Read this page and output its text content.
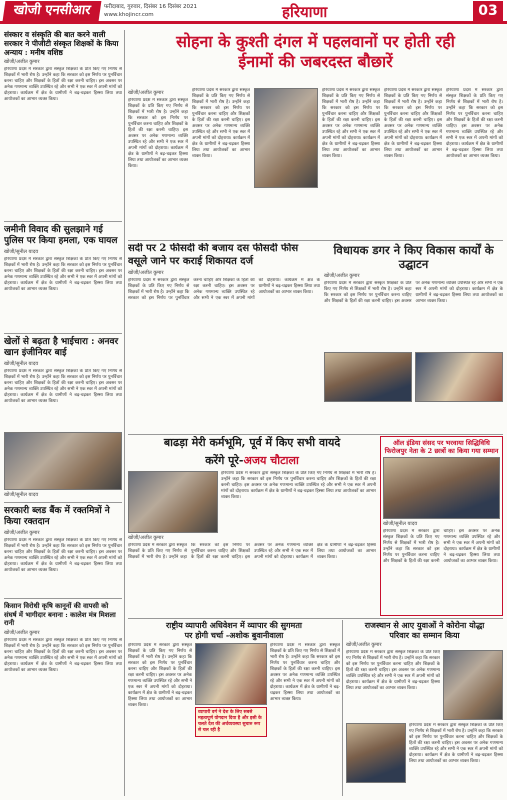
खोजी एनसीआर	फरीदाबाद, गुरुवार, दिसंबर 16 दिसंबर 2021
www.khojincr.com	हरियाणा	03
संस्कार व संस्कृति की बात करने वाली सरकार ने पीजीटी संस्कृत शिक्षकों के किया अन्याय : मनीष वशिष्ठ
खोजी/अजीत कुमार
हरियाणा प्रदेश में सरकार द्वारा संस्कृत शिक्षकों के प्रति किए गए निर्णय से शिक्षकों में भारी रोष है। उन्होंने कहा कि सरकार को इस निर्णय पर पुनर्विचार करना चाहिए और शिक्षकों के हितों की रक्षा करनी चाहिए। इस अवसर पर अनेक गणमान्य व्यक्ति उपस्थित रहे और सभी ने एक स्वर में अपनी मांगों को दोहराया। कार्यक्रम में क्षेत्र के ग्रामीणों ने बढ़-चढ़कर हिस्सा लिया तथा आयोजकों का आभार व्यक्त किया।
जमीनी विवाद की सुलझाने गई पुलिस पर किया हमला, एक घायल
खोजी/सुनील यादव
हरियाणा प्रदेश में सरकार द्वारा संस्कृत शिक्षकों के प्रति किए गए निर्णय से शिक्षकों में भारी रोष है। उन्होंने कहा कि सरकार को इस निर्णय पर पुनर्विचार करना चाहिए और शिक्षकों के हितों की रक्षा करनी चाहिए। इस अवसर पर अनेक गणमान्य व्यक्ति उपस्थित रहे और सभी ने एक स्वर में अपनी मांगों को दोहराया। कार्यक्रम में क्षेत्र के ग्रामीणों ने बढ़-चढ़कर हिस्सा लिया तथा आयोजकों का आभार व्यक्त किया।
खेलों से बढ़ता है भाईचारा : अनवर खान इंजीनियर बाई
खोजी/सुनील यादव
हरियाणा प्रदेश में सरकार द्वारा संस्कृत शिक्षकों के प्रति किए गए निर्णय से शिक्षकों में भारी रोष है। उन्होंने कहा कि सरकार को इस निर्णय पर पुनर्विचार करना चाहिए और शिक्षकों के हितों की रक्षा करनी चाहिए। इस अवसर पर अनेक गणमान्य व्यक्ति उपस्थित रहे और सभी ने एक स्वर में अपनी मांगों को दोहराया। कार्यक्रम में क्षेत्र के ग्रामीणों ने बढ़-चढ़कर हिस्सा लिया तथा आयोजकों का आभार व्यक्त किया।
खोजी/सुनील यादव
सरकारी ब्लड बैंक में रक्तमित्रों ने किया रक्तदान
खोजी/अजीत कुमार
हरियाणा प्रदेश में सरकार द्वारा संस्कृत शिक्षकों के प्रति किए गए निर्णय से शिक्षकों में भारी रोष है। उन्होंने कहा कि सरकार को इस निर्णय पर पुनर्विचार करना चाहिए और शिक्षकों के हितों की रक्षा करनी चाहिए। इस अवसर पर अनेक गणमान्य व्यक्ति उपस्थित रहे और सभी ने एक स्वर में अपनी मांगों को दोहराया। कार्यक्रम में क्षेत्र के ग्रामीणों ने बढ़-चढ़कर हिस्सा लिया तथा आयोजकों का आभार व्यक्त किया।
किसान विरोधी कृषि कानूनों की वापसी को संघर्ष में भागीदार बनाना : कालेश मंत्र मिशला रानी
खोजी/अजीत कुमार
हरियाणा प्रदेश में सरकार द्वारा संस्कृत शिक्षकों के प्रति किए गए निर्णय से शिक्षकों में भारी रोष है। उन्होंने कहा कि सरकार को इस निर्णय पर पुनर्विचार करना चाहिए और शिक्षकों के हितों की रक्षा करनी चाहिए। इस अवसर पर अनेक गणमान्य व्यक्ति उपस्थित रहे और सभी ने एक स्वर में अपनी मांगों को दोहराया। कार्यक्रम में क्षेत्र के ग्रामीणों ने बढ़-चढ़कर हिस्सा लिया तथा आयोजकों का आभार व्यक्त किया।
सोहना के कुश्ती दंगल में पहलवानों पर होती रही
ईनामों की जबरदस्त बौछारें
खोजी/अजीत कुमार
हरियाणा प्रदेश में सरकार द्वारा संस्कृत शिक्षकों के प्रति किए गए निर्णय से शिक्षकों में भारी रोष है। उन्होंने कहा कि सरकार को इस निर्णय पर पुनर्विचार करना चाहिए और शिक्षकों के हितों की रक्षा करनी चाहिए। इस अवसर पर अनेक गणमान्य व्यक्ति उपस्थित रहे और सभी ने एक स्वर में अपनी मांगों को दोहराया। कार्यक्रम में क्षेत्र के ग्रामीणों ने बढ़-चढ़कर हिस्सा लिया तथा आयोजकों का आभार व्यक्त किया।
हरियाणा प्रदेश में सरकार द्वारा संस्कृत शिक्षकों के प्रति किए गए निर्णय से शिक्षकों में भारी रोष है। उन्होंने कहा कि सरकार को इस निर्णय पर पुनर्विचार करना चाहिए और शिक्षकों के हितों की रक्षा करनी चाहिए। इस अवसर पर अनेक गणमान्य व्यक्ति उपस्थित रहे और सभी ने एक स्वर में अपनी मांगों को दोहराया। कार्यक्रम में क्षेत्र के ग्रामीणों ने बढ़-चढ़कर हिस्सा लिया तथा आयोजकों का आभार व्यक्त किया।
हरियाणा प्रदेश में सरकार द्वारा संस्कृत शिक्षकों के प्रति किए गए निर्णय से शिक्षकों में भारी रोष है। उन्होंने कहा कि सरकार को इस निर्णय पर पुनर्विचार करना चाहिए और शिक्षकों के हितों की रक्षा करनी चाहिए। इस अवसर पर अनेक गणमान्य व्यक्ति उपस्थित रहे और सभी ने एक स्वर में अपनी मांगों को दोहराया। कार्यक्रम में क्षेत्र के ग्रामीणों ने बढ़-चढ़कर हिस्सा लिया तथा आयोजकों का आभार व्यक्त किया।
हरियाणा प्रदेश में सरकार द्वारा संस्कृत शिक्षकों के प्रति किए गए निर्णय से शिक्षकों में भारी रोष है। उन्होंने कहा कि सरकार को इस निर्णय पर पुनर्विचार करना चाहिए और शिक्षकों के हितों की रक्षा करनी चाहिए। इस अवसर पर अनेक गणमान्य व्यक्ति उपस्थित रहे और सभी ने एक स्वर में अपनी मांगों को दोहराया। कार्यक्रम में क्षेत्र के ग्रामीणों ने बढ़-चढ़कर हिस्सा लिया तथा आयोजकों का आभार व्यक्त किया।
हरियाणा प्रदेश में सरकार द्वारा संस्कृत शिक्षकों के प्रति किए गए निर्णय से शिक्षकों में भारी रोष है। उन्होंने कहा कि सरकार को इस निर्णय पर पुनर्विचार करना चाहिए और शिक्षकों के हितों की रक्षा करनी चाहिए। इस अवसर पर अनेक गणमान्य व्यक्ति उपस्थित रहे और सभी ने एक स्वर में अपनी मांगों को दोहराया। कार्यक्रम में क्षेत्र के ग्रामीणों ने बढ़-चढ़कर हिस्सा लिया तथा आयोजकों का आभार व्यक्त किया।
सदी पर 2 फीसदी की बजाय दस फीसदी फीस वसूले जाने पर कराई शिकायत दर्ज
खोजी/अजीत कुमार
हरियाणा प्रदेश में सरकार द्वारा संस्कृत शिक्षकों के प्रति किए गए निर्णय से शिक्षकों में भारी रोष है। उन्होंने कहा कि सरकार को इस निर्णय पर पुनर्विचार करना चाहिए और शिक्षकों के हितों की रक्षा करनी चाहिए। इस अवसर पर अनेक गणमान्य व्यक्ति उपस्थित रहे और सभी ने एक स्वर में अपनी मांगों को दोहराया। कार्यक्रम में क्षेत्र के ग्रामीणों ने बढ़-चढ़कर हिस्सा लिया तथा आयोजकों का आभार व्यक्त किया।
विधायक डगर ने किए विकास कार्यों के उद्घाटन
खोजी/अजीत कुमार
हरियाणा प्रदेश में सरकार द्वारा संस्कृत शिक्षकों के प्रति किए गए निर्णय से शिक्षकों में भारी रोष है। उन्होंने कहा कि सरकार को इस निर्णय पर पुनर्विचार करना चाहिए और शिक्षकों के हितों की रक्षा करनी चाहिए। इस अवसर पर अनेक गणमान्य व्यक्ति उपस्थित रहे और सभी ने एक स्वर में अपनी मांगों को दोहराया। कार्यक्रम में क्षेत्र के ग्रामीणों ने बढ़-चढ़कर हिस्सा लिया तथा आयोजकों का आभार व्यक्त किया।
बाढड़ा मेरी कर्मभूमि, पूर्व में किए सभी वायदे
करेंगे पूरे-अजय चौटाला
हरियाणा प्रदेश में सरकार द्वारा संस्कृत शिक्षकों के प्रति किए गए निर्णय से शिक्षकों में भारी रोष है। उन्होंने कहा कि सरकार को इस निर्णय पर पुनर्विचार करना चाहिए और शिक्षकों के हितों की रक्षा करनी चाहिए। इस अवसर पर अनेक गणमान्य व्यक्ति उपस्थित रहे और सभी ने एक स्वर में अपनी मांगों को दोहराया। कार्यक्रम में क्षेत्र के ग्रामीणों ने बढ़-चढ़कर हिस्सा लिया तथा आयोजकों का आभार व्यक्त किया।
खोजी/अजीत कुमार
हरियाणा प्रदेश में सरकार द्वारा संस्कृत शिक्षकों के प्रति किए गए निर्णय से शिक्षकों में भारी रोष है। उन्होंने कहा कि सरकार को इस निर्णय पर पुनर्विचार करना चाहिए और शिक्षकों के हितों की रक्षा करनी चाहिए। इस अवसर पर अनेक गणमान्य व्यक्ति उपस्थित रहे और सभी ने एक स्वर में अपनी मांगों को दोहराया। कार्यक्रम में क्षेत्र के ग्रामीणों ने बढ़-चढ़कर हिस्सा लिया तथा आयोजकों का आभार व्यक्त किया।
ऑल इंडिया संसद पर भरवाया सिद्धिविधि फिरोजपुर नेता के 2 छात्रों का किया गया सम्मान
खोजी/सुनील यादव
हरियाणा प्रदेश में सरकार द्वारा संस्कृत शिक्षकों के प्रति किए गए निर्णय से शिक्षकों में भारी रोष है। उन्होंने कहा कि सरकार को इस निर्णय पर पुनर्विचार करना चाहिए और शिक्षकों के हितों की रक्षा करनी चाहिए। इस अवसर पर अनेक गणमान्य व्यक्ति उपस्थित रहे और सभी ने एक स्वर में अपनी मांगों को दोहराया। कार्यक्रम में क्षेत्र के ग्रामीणों ने बढ़-चढ़कर हिस्सा लिया तथा आयोजकों का आभार व्यक्त किया।
राष्ट्रीय व्यापारी अधिवेशन में व्यापार की सुगमता
पर होगी चर्चा -अशोक बुवानीवाला
हरियाणा प्रदेश में सरकार द्वारा संस्कृत शिक्षकों के प्रति किए गए निर्णय से शिक्षकों में भारी रोष है। उन्होंने कहा कि सरकार को इस निर्णय पर पुनर्विचार करना चाहिए और शिक्षकों के हितों की रक्षा करनी चाहिए। इस अवसर पर अनेक गणमान्य व्यक्ति उपस्थित रहे और सभी ने एक स्वर में अपनी मांगों को दोहराया। कार्यक्रम में क्षेत्र के ग्रामीणों ने बढ़-चढ़कर हिस्सा लिया तथा आयोजकों का आभार व्यक्त किया।
व्यापारी वर्ग ने देश के लिए सबसे महत्वपूर्ण योगदान दिया है और इसी के चलते देश की अर्थव्यवस्था सुचारु रूप से चल रही है
हरियाणा प्रदेश में सरकार द्वारा संस्कृत शिक्षकों के प्रति किए गए निर्णय से शिक्षकों में भारी रोष है। उन्होंने कहा कि सरकार को इस निर्णय पर पुनर्विचार करना चाहिए और शिक्षकों के हितों की रक्षा करनी चाहिए। इस अवसर पर अनेक गणमान्य व्यक्ति उपस्थित रहे और सभी ने एक स्वर में अपनी मांगों को दोहराया। कार्यक्रम में क्षेत्र के ग्रामीणों ने बढ़-चढ़कर हिस्सा लिया तथा आयोजकों का आभार व्यक्त किया।
राजस्थान से आए युवाओं ने कोरोना योद्धा
परिवार का सम्मान किया
खोजी/अजीत कुमार
हरियाणा प्रदेश में सरकार द्वारा संस्कृत शिक्षकों के प्रति किए गए निर्णय से शिक्षकों में भारी रोष है। उन्होंने कहा कि सरकार को इस निर्णय पर पुनर्विचार करना चाहिए और शिक्षकों के हितों की रक्षा करनी चाहिए। इस अवसर पर अनेक गणमान्य व्यक्ति उपस्थित रहे और सभी ने एक स्वर में अपनी मांगों को दोहराया। कार्यक्रम में क्षेत्र के ग्रामीणों ने बढ़-चढ़कर हिस्सा लिया तथा आयोजकों का आभार व्यक्त किया।
हरियाणा प्रदेश में सरकार द्वारा संस्कृत शिक्षकों के प्रति किए गए निर्णय से शिक्षकों में भारी रोष है। उन्होंने कहा कि सरकार को इस निर्णय पर पुनर्विचार करना चाहिए और शिक्षकों के हितों की रक्षा करनी चाहिए। इस अवसर पर अनेक गणमान्य व्यक्ति उपस्थित रहे और सभी ने एक स्वर में अपनी मांगों को दोहराया। कार्यक्रम में क्षेत्र के ग्रामीणों ने बढ़-चढ़कर हिस्सा लिया तथा आयोजकों का आभार व्यक्त किया।
